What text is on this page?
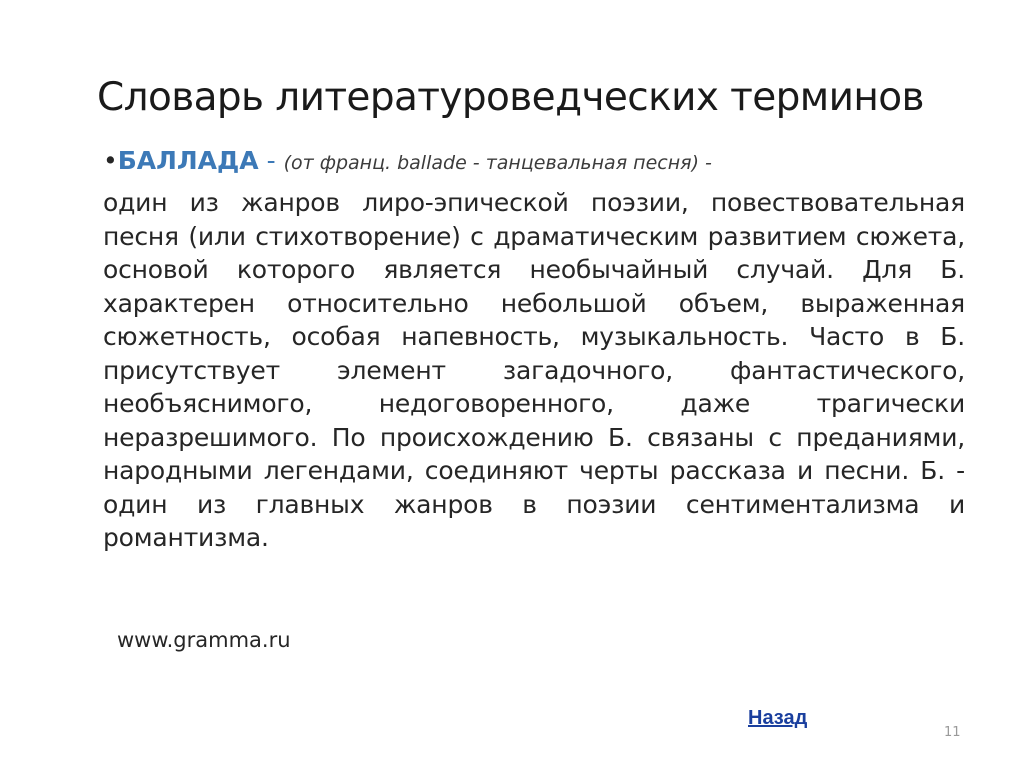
Словарь литературоведческих терминов
•БАЛЛАДА - (от франц. ballade - танцевальная песня) -
один из жанров лиро-эпической поэзии, повествовательная песня (или стихотворение) с драматическим развитием сюжета, основой которого является необычайный случай. Для Б. характерен относительно небольшой объем, выраженная сюжетность, особая напевность, музыкальность. Часто в Б. присутствует элемент загадочного, фантастического, необъяснимого, недоговоренного, даже трагически неразрешимого. По происхождению Б. связаны с преданиями, народными легендами, соединяют черты рассказа и песни. Б. - один из главных жанров в поэзии сентиментализма и романтизма.
www.gramma.ru
Назад
11
